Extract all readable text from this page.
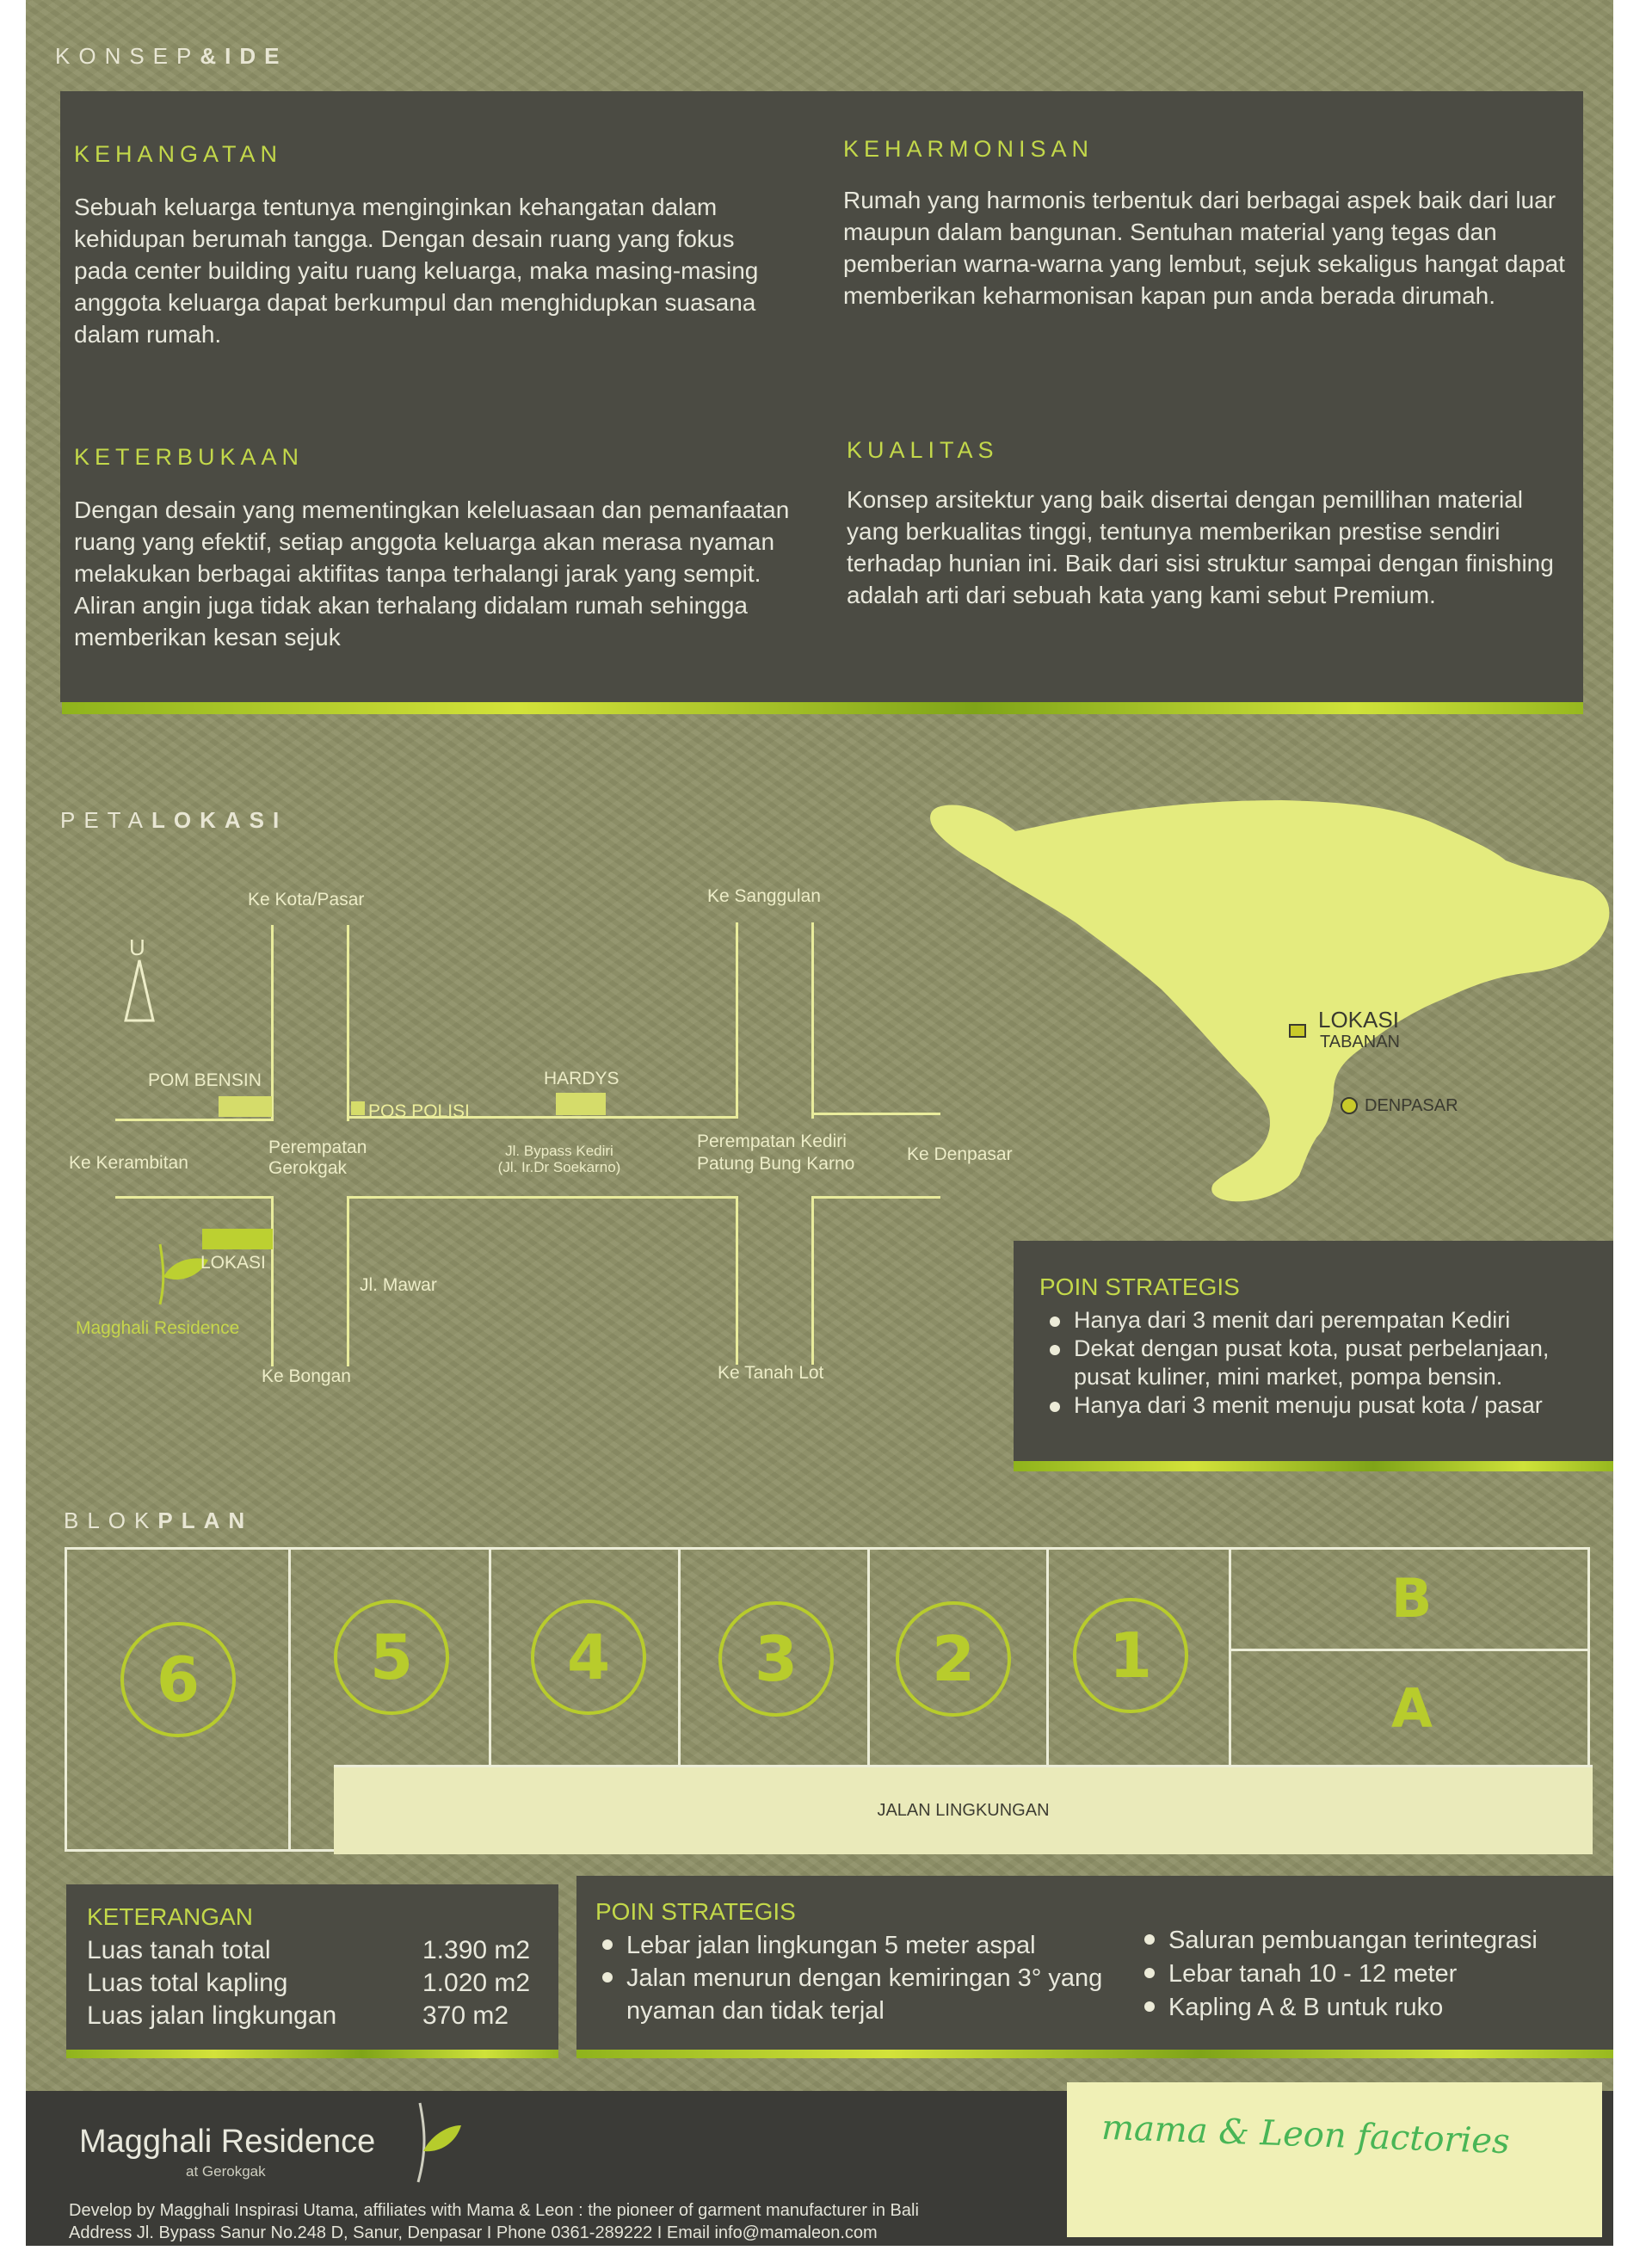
KONSEP&IDE
KEHANGATAN
Sebuah keluarga tentunya menginginkan kehangatan dalam kehidupan berumah tangga. Dengan desain ruang yang fokus pada center building yaitu ruang keluarga, maka masing-masing anggota keluarga dapat berkumpul dan menghidupkan suasana dalam rumah.
KEHARMONISAN
Rumah yang harmonis terbentuk dari berbagai aspek baik dari luar maupun dalam bangunan. Sentuhan material yang tegas dan pemberian warna-warna yang lembut, sejuk sekaligus hangat dapat memberikan keharmonisan kapan pun anda berada dirumah.
KETERBUKAAN
Dengan desain yang mementingkan keleluasaan dan pemanfaatan ruang yang efektif, setiap anggota keluarga akan merasa nyaman melakukan berbagai aktifitas tanpa terhalangi jarak yang sempit. Aliran angin juga tidak akan terhalang didalam rumah sehingga memberikan kesan sejuk
KUALITAS
Konsep arsitektur yang baik disertai dengan pemillihan material yang berkualitas tinggi, tentunya memberikan prestise sendiri terhadap hunian ini. Baik dari sisi struktur sampai dengan finishing adalah arti dari sebuah kata yang kami sebut Premium.
PETALOKASI
U
Ke Kota/Pasar	Ke Sanggulan
POM BENSIN
POS POLISI
HARDYS
Ke Kerambitan
Perempatan
Gerokgak
Jl. Bypass Kediri
(Jl. Ir.Dr Soekarno)
Perempatan Kediri
Patung Bung Karno	Ke Denpasar
LOKASI
Magghali Residence
Jl. Mawar
Ke Bongan	Ke Tanah Lot
LOKASI
TABANAN
DENPASAR
POIN STRATEGIS
Hanya dari 3 menit dari perempatan Kediri
Dekat dengan pusat kota, pusat perbelanjaan, pusat kuliner, mini market, pompa bensin.
Hanya dari 3 menit menuju pusat kota / pasar
BLOKPLAN
6	5	4	3	2	1
B
A
JALAN LINGKUNGAN
KETERANGAN
Luas tanah total	1.390 m2
Luas total kapling	1.020 m2
Luas jalan lingkungan	370 m2
POIN STRATEGIS
Lebar jalan lingkungan 5 meter aspal
Jalan menurun dengan kemiringan 3° yang nyaman dan tidak terjal
Saluran pembuangan terintegrasi
Lebar tanah 10 - 12 meter
Kapling A & B untuk ruko
Magghali Residence
at Gerokgak
Develop by Magghali Inspirasi Utama, affiliates with Mama & Leon : the pioneer of garment manufacturer in Bali
Address Jl. Bypass Sanur No.248 D, Sanur, Denpasar I Phone 0361-289222 I Email info@mamaleon.com
mama & Leon factories
